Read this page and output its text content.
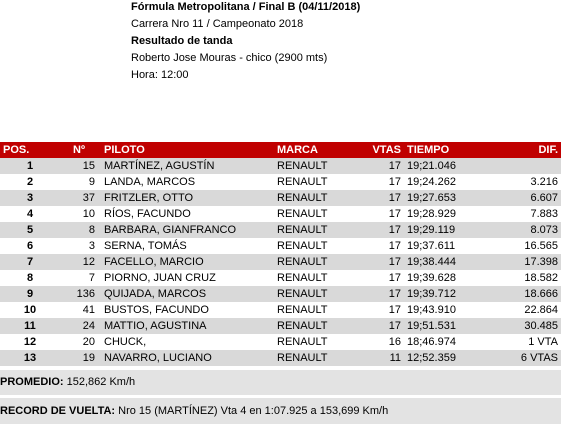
Fórmula Metropolitana / Final B (04/11/2018)
Carrera Nro 11 / Campeonato 2018
Resultado de tanda
Roberto Jose Mouras - chico (2900 mts)
Hora: 12:00
POS.	Nº	PILOTO	MARCA	VTAS	TIEMPO	DIF.
1	15	MARTÍNEZ, AGUSTÍN	RENAULT	17	19;21.046	
2	9	LANDA, MARCOS	RENAULT	17	19;24.262	3.216
3	37	FRITZLER, OTTO	RENAULT	17	19;27.653	6.607
4	10	RÍOS, FACUNDO	RENAULT	17	19;28.929	7.883
5	8	BARBARA, GIANFRANCO	RENAULT	17	19;29.119	8.073
6	3	SERNA, TOMÁS	RENAULT	17	19;37.611	16.565
7	12	FACELLO, MARCIO	RENAULT	17	19;38.444	17.398
8	7	PIORNO, JUAN CRUZ	RENAULT	17	19;39.628	18.582
9	136	QUIJADA, MARCOS	RENAULT	17	19;39.712	18.666
10	41	BUSTOS, FACUNDO	RENAULT	17	19;43.910	22.864
11	24	MATTIO, AGUSTINA	RENAULT	17	19;51.531	30.485
12	20	CHUCK,	RENAULT	16	18;46.974	1 VTA
13	19	NAVARRO, LUCIANO	RENAULT	11	12;52.359	6 VTAS
PROMEDIO: 152,862 Km/h
RECORD DE VUELTA: Nro 15 (MARTÍNEZ) Vta 4 en 1:07.925 a 153,699 Km/h
